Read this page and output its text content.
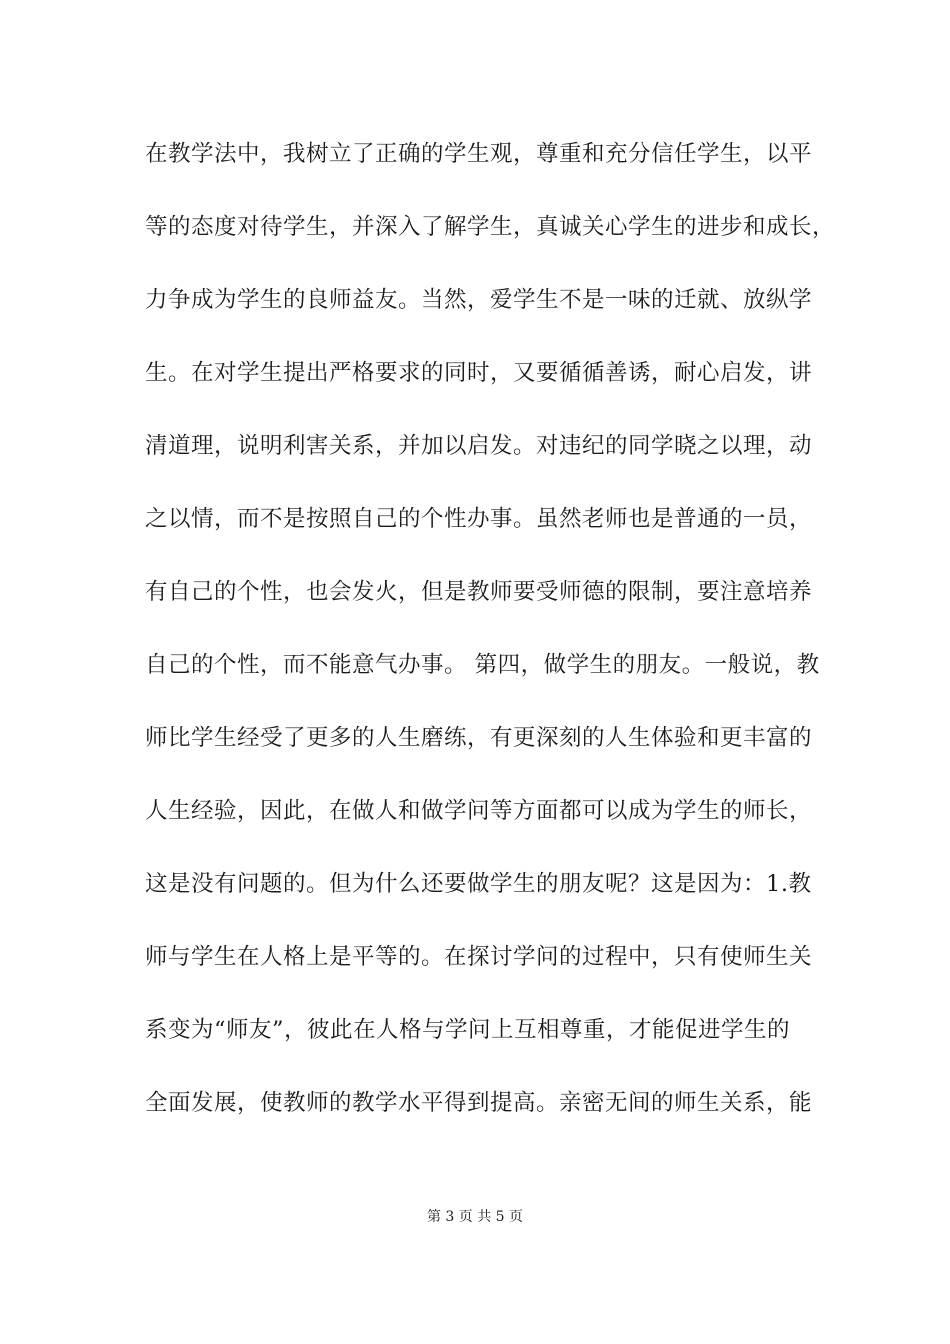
在教学法中，我树立了正确的学生观，尊重和充分信任学生，以平
等的态度对待学生，并深入了解学生，真诚关心学生的进步和成长，
力争成为学生的良师益友。当然，爱学生不是一味的迁就、放纵学
生。在对学生提出严格要求的同时，又要循循善诱，耐心启发，讲
清道理，说明利害关系，并加以启发。对违纪的同学晓之以理，动
之以情，而不是按照自己的个性办事。虽然老师也是普通的一员，
有自己的个性，也会发火，但是教师要受师德的限制，要注意培养
自己的个性，而不能意气办事。 第四，做学生的朋友。一般说，教
师比学生经受了更多的人生磨练，有更深刻的人生体验和更丰富的
人生经验，因此，在做人和做学问等方面都可以成为学生的师长，
这是没有问题的。但为什么还要做学生的朋友呢？这是因为：1.教
师与学生在人格上是平等的。在探讨学问的过程中，只有使师生关
系变为“师友”，彼此在人格与学问上互相尊重，才能促进学生的
全面发展，使教师的教学水平得到提高。亲密无间的师生关系，能
第 3 页 共 5 页
